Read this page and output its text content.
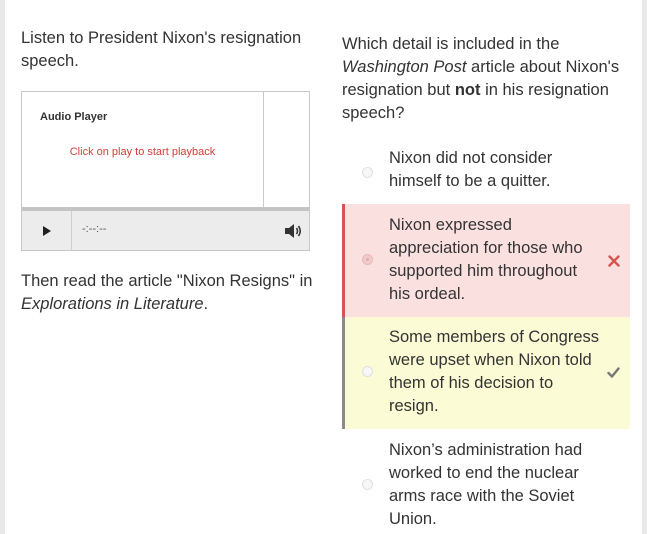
Listen to President Nixon's resignation speech.

Audio Player
Click on play to start playback
-:--:--

Then read the article "Nixon Resigns" in Explorations in Literature.

Which detail is included in the Washington Post article about Nixon's resignation but not in his resignation speech?

Nixon did not consider himself to be a quitter.
Nixon expressed appreciation for those who supported him throughout his ordeal.
Some members of Congress were upset when Nixon told them of his decision to resign.
Nixon’s administration had worked to end the nuclear arms race with the Soviet Union.
